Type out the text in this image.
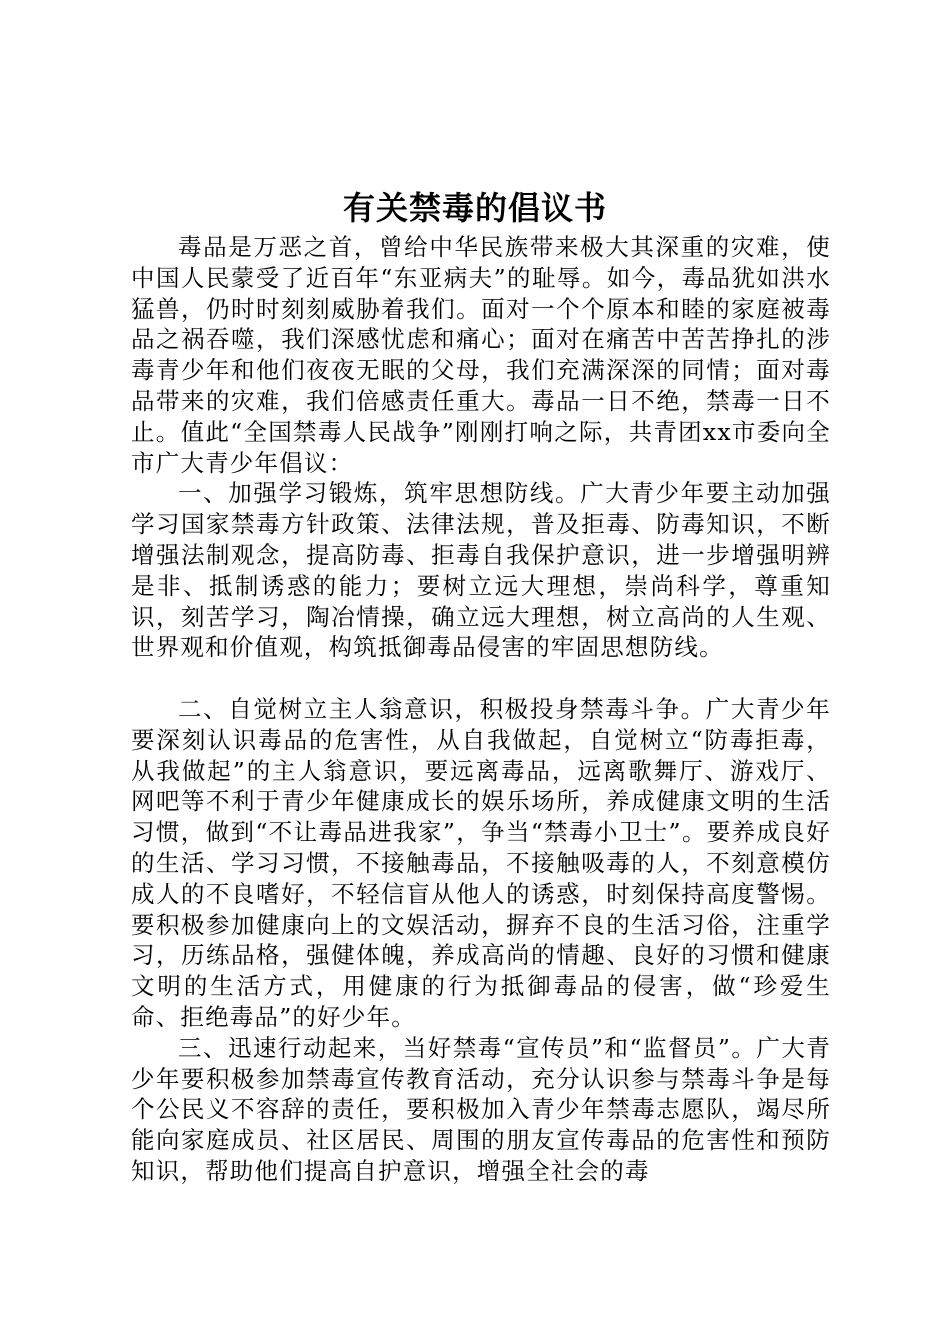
有关禁毒的倡议书

毒品是万恶之首，曾给中华民族带来极大其深重的灾难，使中国人民蒙受了近百年“东亚病夫”的耻辱。如今，毒品犹如洪水猛兽，仍时时刻刻威胁着我们。面对一个个原本和睦的家庭被毒品之祸吞噬，我们深感忧虑和痛心；面对在痛苦中苦苦挣扎的涉毒青少年和他们夜夜无眠的父母，我们充满深深的同情；面对毒品带来的灾难，我们倍感责任重大。毒品一日不绝，禁毒一日不止。值此“全国禁毒人民战争”刚刚打响之际，共青团xx市委向全市广大青少年倡议：

一、加强学习锻炼，筑牢思想防线。广大青少年要主动加强学习国家禁毒方针政策、法律法规，普及拒毒、防毒知识，不断增强法制观念，提高防毒、拒毒自我保护意识，进一步增强明辨是非、抵制诱惑的能力；要树立远大理想，崇尚科学，尊重知识，刻苦学习，陶冶情操，确立远大理想，树立高尚的人生观、世界观和价值观，构筑抵御毒品侵害的牢固思想防线。

二、自觉树立主人翁意识，积极投身禁毒斗争。广大青少年要深刻认识毒品的危害性，从自我做起，自觉树立“防毒拒毒，从我做起”的主人翁意识，要远离毒品，远离歌舞厅、游戏厅、网吧等不利于青少年健康成长的娱乐场所，养成健康文明的生活习惯，做到“不让毒品进我家”，争当“禁毒小卫士”。要养成良好的生活、学习习惯，不接触毒品，不接触吸毒的人，不刻意模仿成人的不良嗜好，不轻信盲从他人的诱惑，时刻保持高度警惕。要积极参加健康向上的文娱活动，摒弃不良的生活习俗，注重学习，历练品格，强健体魄，养成高尚的情趣、良好的习惯和健康文明的生活方式，用健康的行为抵御毒品的侵害，做“珍爱生命、拒绝毒品”的好少年。

三、迅速行动起来，当好禁毒“宣传员”和“监督员”。广大青少年要积极参加禁毒宣传教育活动，充分认识参与禁毒斗争是每个公民义不容辞的责任，要积极加入青少年禁毒志愿队，竭尽所能向家庭成员、社区居民、周围的朋友宣传毒品的危害性和预防知识，帮助他们提高自护意识，增强全社会的毒
